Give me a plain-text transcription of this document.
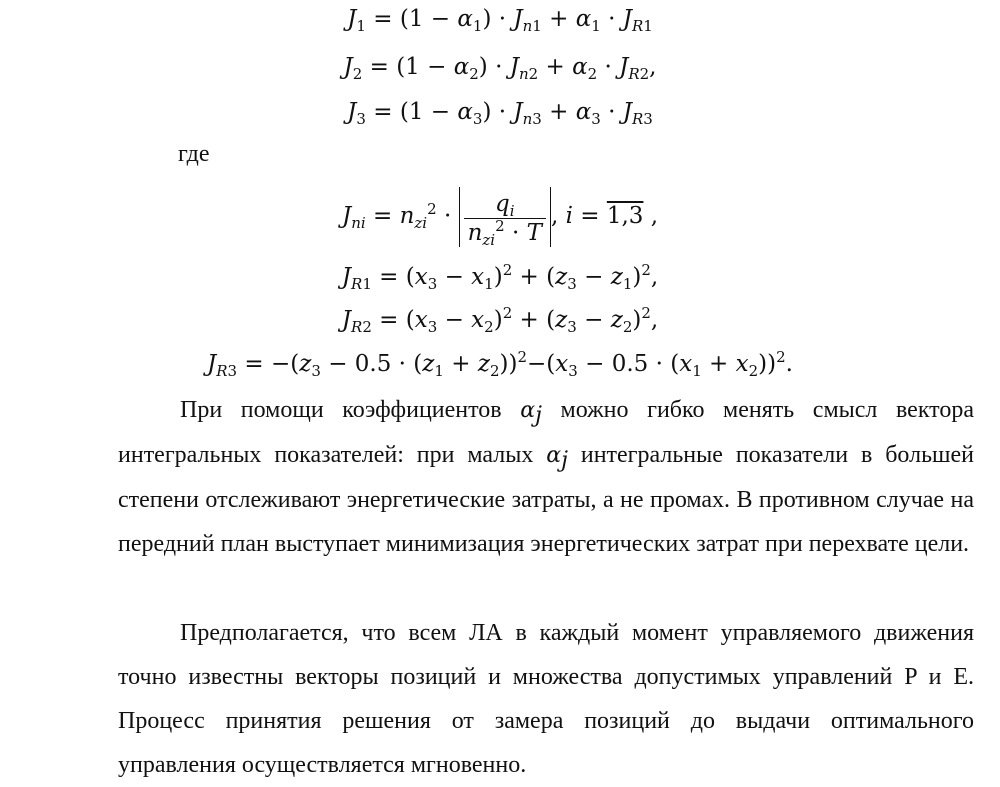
$J_1 = (1 - \alpha_1) \cdot J_{n1} + \alpha_1 \cdot J_{R1}$
$J_2 = (1 - \alpha_2) \cdot J_{n2} + \alpha_2 \cdot J_{R2}$,
$J_3 = (1 - \alpha_3) \cdot J_{n3} + \alpha_3 \cdot J_{R3}$
где
$J_{ni} = n_{zi}^2 \cdot \frac{q_i}{n_{zi}^2 \cdot T}$ , i = 1,3 ,
$J_{R1} = (x_3 - x_1)^2 + (z_3 - z_1)^2$,
$J_{R2} = (x_3 - x_2)^2 + (z_3 - z_2)^2$,
$J_{R3} = -(z_3 - 0.5 \cdot (z_1 + z_2))^2-(x_3 - 0.5 \cdot (x_1 + x_2))^2$.

При помощи коэффициентов $\alpha_j$ можно гибко менять смысл вектора интегральных показателей: при малых $\alpha_j$ интегральные показатели в большей степени отслеживают энергетические затраты, а не промах. В противном случае на передний план выступает минимизация энергетических затрат при перехвате цели.

Предполагается, что всем ЛА в каждый момент управляемого движения точно известны векторы позиций и множества допустимых управлений P и E. Процесс принятия решения от замера позиций до выдачи оптимального управления осуществляется мгновенно.
